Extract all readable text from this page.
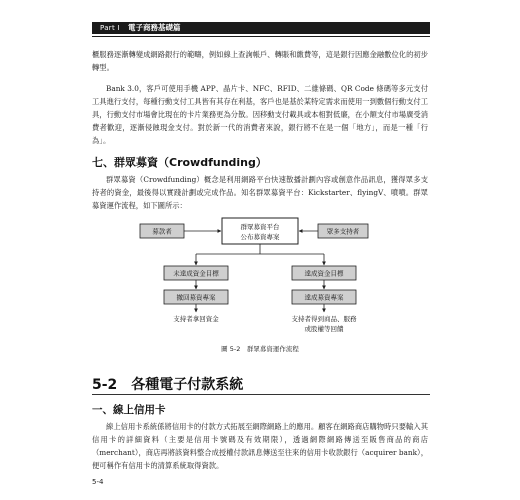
Part I 電子商務基礎篇

櫃服務逐漸轉變成網路銀行的範疇，例如線上查詢帳戶、轉賬和繳費等，這是銀行因應金融數位化的初步轉型。

Bank 3.0，客戶可使用手機 APP、晶片卡、NFC、RFID、二維條碼、QR Code 條碼等多元支付工具進行支付，每種行動支付工具皆有其存在利基，客戶也是基於某特定需求而使用一到數個行動支付工具，行動支付市場會比現在的卡片業務更為分散。因移動支付載具或本相對低廉，在小額支付市場廣受消費者歡迎，逐漸侵蝕現金支付。對於新一代的消費者來說，銀行將不在是一個「地方」，而是一種「行為」。

七、群眾募資（Crowdfunding）

群眾募資（Crowdfunding）概念是利用網路平台快速散播計劃內容或創意作品訊息，獲得眾多支持者的資金，最後得以實踐計劃或完成作品。知名群眾募資平台：Kickstarter、flyingV、噴噴。群眾募資運作流程，如下圖所示：

群眾募資平台
公布募資專案
募款者	眾多支持者
未達成資金目標	達成資金目標
撤回募資專案	達成募資專案
支持者拿回資金	支持者得到商品、服務
或股權等回饋
圖 5-2　群眾募資運作流程
5-2　各種電子付款系統
一、線上信用卡

線上信用卡系統係將信用卡的付款方式拓展至網際網路上的應用。顧客在網路商店購物時只要輸入其信用卡的詳細資料（主要是信用卡號碼及有效期限），透過網際網路傳送至販售商品的商店（merchant），商店再將該資料整合成授權付款訊息傳送至往來的信用卡收款銀行（acquirer bank），便可稱作有信用卡的清算系統取得資款。

5-4
